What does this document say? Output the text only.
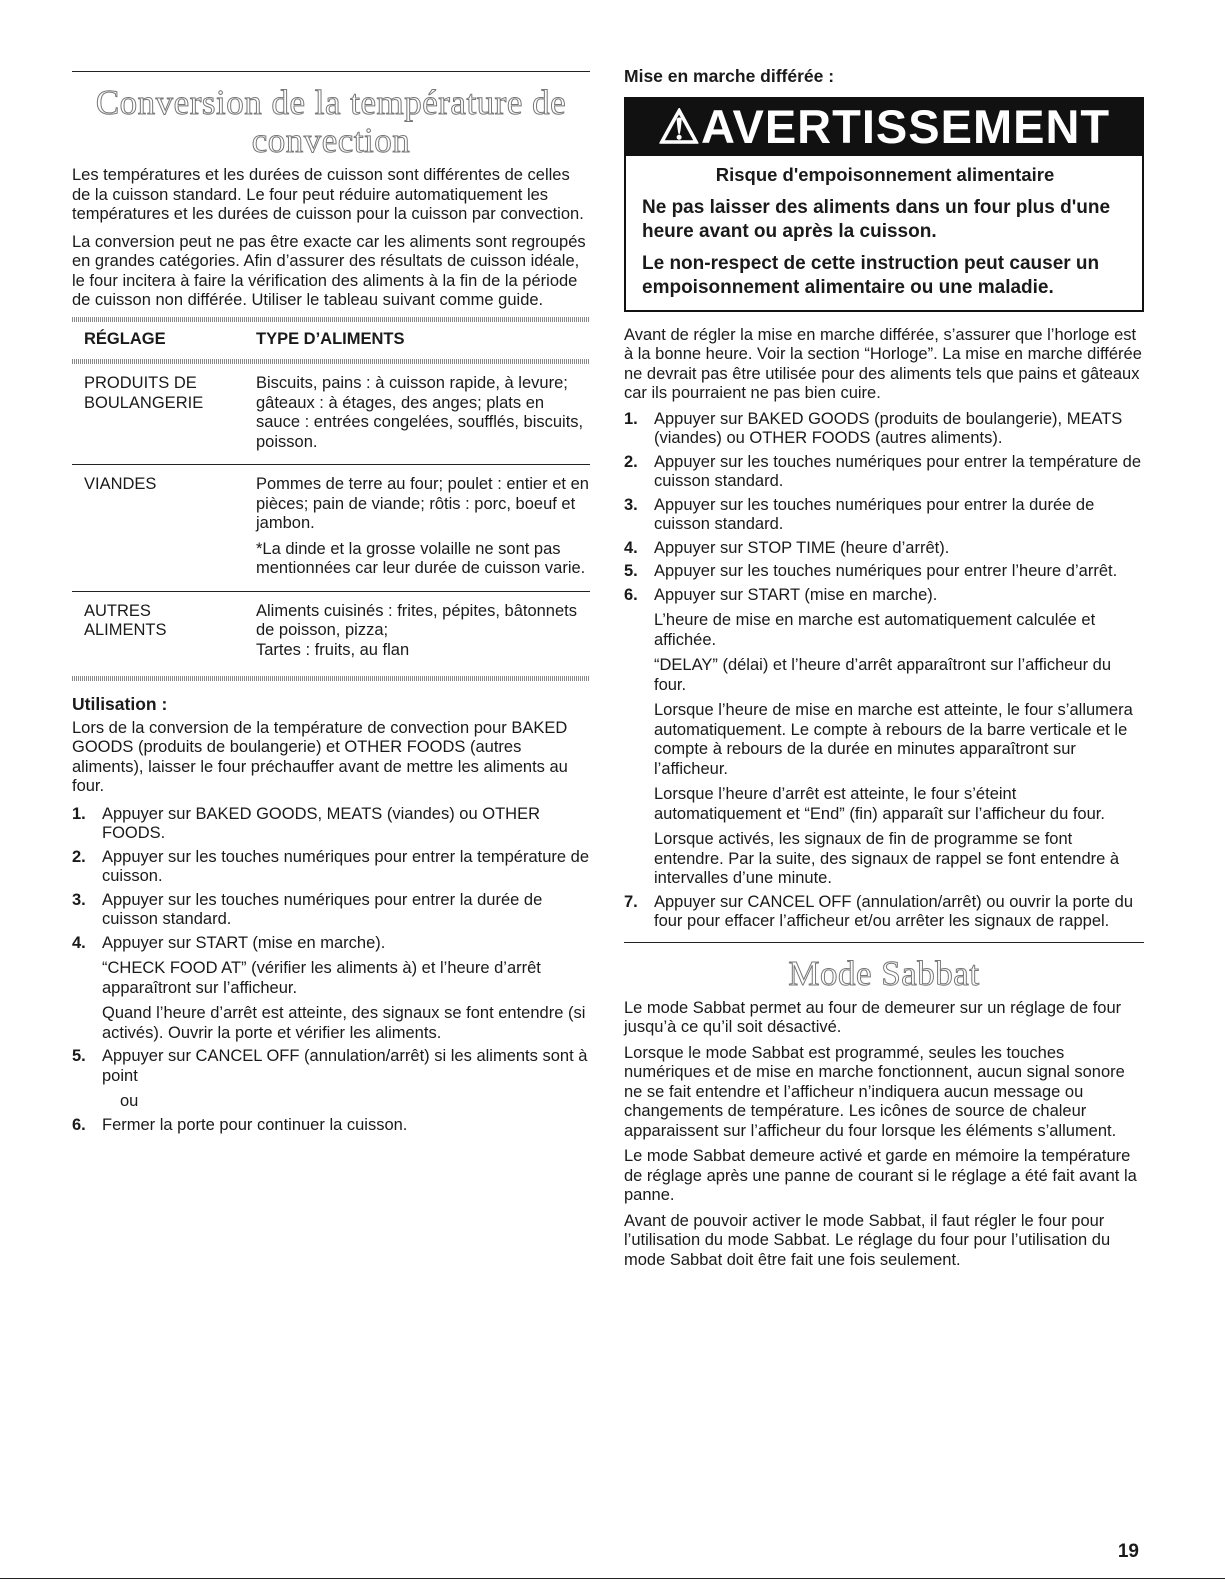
Conversion de la température de
convection

Les températures et les durées de cuisson sont différentes de celles de la cuisson standard. Le four peut réduire automatiquement les températures et les durées de cuisson pour la cuisson par convection.

La conversion peut ne pas être exacte car les aliments sont regroupés en grandes catégories. Afin d’assurer des résultats de cuisson idéale, le four incitera à faire la vérification des aliments à la fin de la période de cuisson non différée. Utiliser le tableau suivant comme guide.

RÉGLAGE	TYPE D’ALIMENTS

PRODUITS DE BOULANGERIE	Biscuits, pains : à cuisson rapide, à levure; gâteaux : à étages, des anges; plats en sauce : entrées congelées, soufflés, biscuits, poisson.

VIANDES	Pommes de terre au four; poulet : entier et en pièces; pain de viande; rôtis : porc, boeuf et jambon.
*La dinde et la grosse volaille ne sont pas mentionnées car leur durée de cuisson varie.

AUTRES ALIMENTS	Aliments cuisinés : frites, pépites, bâtonnets de poisson, pizza;
Tartes : fruits, au flan

Utilisation :

Lors de la conversion de la température de convection pour BAKED GOODS (produits de boulangerie) et OTHER FOODS (autres aliments), laisser le four préchauffer avant de mettre les aliments au four.

1. Appuyer sur BAKED GOODS, MEATS (viandes) ou OTHER FOODS.
2. Appuyer sur les touches numériques pour entrer la température de cuisson.
3. Appuyer sur les touches numériques pour entrer la durée de cuisson standard.
4. Appuyer sur START (mise en marche).
“CHECK FOOD AT” (vérifier les aliments à) et l’heure d’arrêt apparaîtront sur l’afficheur.
Quand l’heure d’arrêt est atteinte, des signaux se font entendre (si activés). Ouvrir la porte et vérifier les aliments.
5. Appuyer sur CANCEL OFF (annulation/arrêt) si les aliments sont à point
ou
6. Fermer la porte pour continuer la cuisson.

Mise en marche différée :

⚠AVERTISSEMENT
Risque d'empoisonnement alimentaire
Ne pas laisser des aliments dans un four plus d'une heure avant ou après la cuisson.
Le non-respect de cette instruction peut causer un empoisonnement alimentaire ou une maladie.

Avant de régler la mise en marche différée, s’assurer que l’horloge est à la bonne heure. Voir la section “Horloge”. La mise en marche différée ne devrait pas être utilisée pour des aliments tels que pains et gâteaux car ils pourraient ne pas bien cuire.

1. Appuyer sur BAKED GOODS (produits de boulangerie), MEATS (viandes) ou OTHER FOODS (autres aliments).
2. Appuyer sur les touches numériques pour entrer la température de cuisson standard.
3. Appuyer sur les touches numériques pour entrer la durée de cuisson standard.
4. Appuyer sur STOP TIME (heure d’arrêt).
5. Appuyer sur les touches numériques pour entrer l’heure d’arrêt.
6. Appuyer sur START (mise en marche).
L’heure de mise en marche est automatiquement calculée et affichée.
“DELAY” (délai) et l’heure d’arrêt apparaîtront sur l’afficheur du four.
Lorsque l’heure de mise en marche est atteinte, le four s’allumera automatiquement. Le compte à rebours de la barre verticale et le compte à rebours de la durée en minutes apparaîtront sur l’afficheur.
Lorsque l’heure d’arrêt est atteinte, le four s’éteint automatiquement et “End” (fin) apparaît sur l’afficheur du four.
Lorsque activés, les signaux de fin de programme se font entendre. Par la suite, des signaux de rappel se font entendre à intervalles d’une minute.
7. Appuyer sur CANCEL OFF (annulation/arrêt) ou ouvrir la porte du four pour effacer l’afficheur et/ou arrêter les signaux de rappel.
Mode Sabbat

Le mode Sabbat permet au four de demeurer sur un réglage de four jusqu’à ce qu’il soit désactivé.

Lorsque le mode Sabbat est programmé, seules les touches numériques et de mise en marche fonctionnent, aucun signal sonore ne se fait entendre et l’afficheur n’indiquera aucun message ou changements de température. Les icônes de source de chaleur apparaissent sur l’afficheur du four lorsque les éléments s’allument.

Le mode Sabbat demeure activé et garde en mémoire la température de réglage après une panne de courant si le réglage a été fait avant la panne.

Avant de pouvoir activer le mode Sabbat, il faut régler le four pour l’utilisation du mode Sabbat. Le réglage du four pour l’utilisation du mode Sabbat doit être fait une fois seulement.

19
